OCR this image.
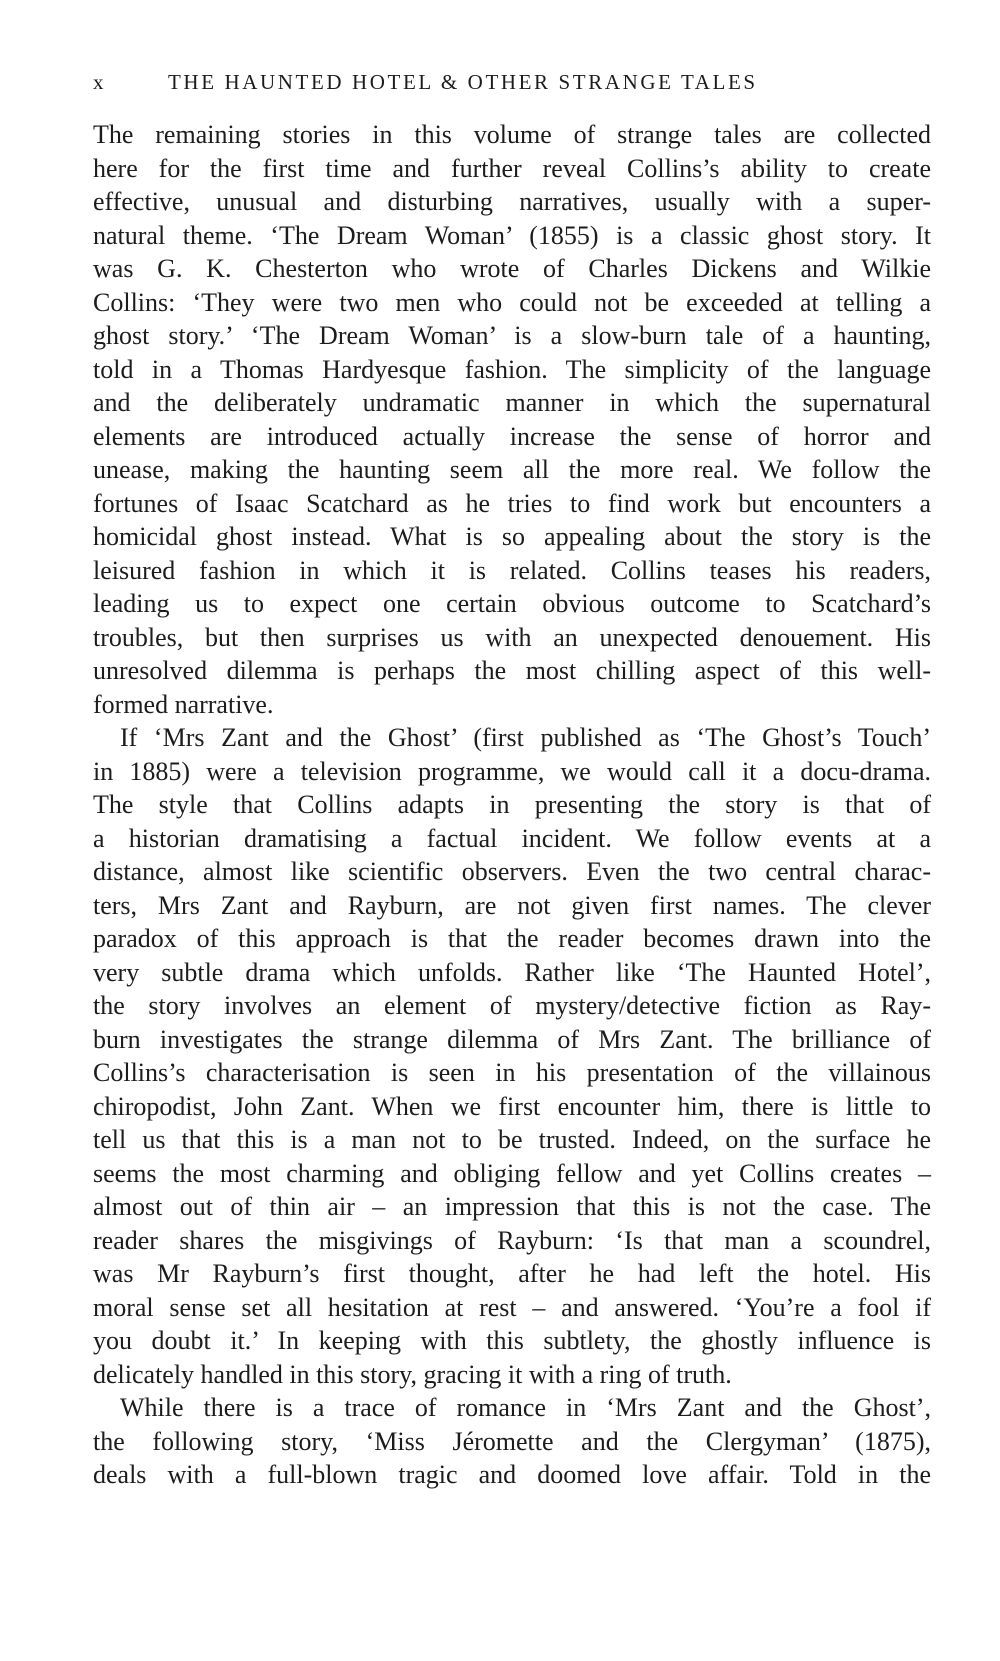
x	THE HAUNTED HOTEL & OTHER STRANGE TALES
The remaining stories in this volume of strange tales are collected
here for the first time and further reveal Collins’s ability to create
effective, unusual and disturbing narratives, usually with a super-
natural theme. ‘The Dream Woman’ (1855) is a classic ghost story. It
was G. K. Chesterton who wrote of Charles Dickens and Wilkie
Collins: ‘They were two men who could not be exceeded at telling a
ghost story.’ ‘The Dream Woman’ is a slow-burn tale of a haunting,
told in a Thomas Hardyesque fashion. The simplicity of the language
and the deliberately undramatic manner in which the supernatural
elements are introduced actually increase the sense of horror and
unease, making the haunting seem all the more real. We follow the
fortunes of Isaac Scatchard as he tries to find work but encounters a
homicidal ghost instead. What is so appealing about the story is the
leisured fashion in which it is related. Collins teases his readers,
leading us to expect one certain obvious outcome to Scatchard’s
troubles, but then surprises us with an unexpected denouement. His
unresolved dilemma is perhaps the most chilling aspect of this well-
formed narrative.
If ‘Mrs Zant and the Ghost’ (first published as ‘The Ghost’s Touch’
in 1885) were a television programme, we would call it a docu-drama.
The style that Collins adapts in presenting the story is that of
a historian dramatising a factual incident. We follow events at a
distance, almost like scientific observers. Even the two central charac-
ters, Mrs Zant and Rayburn, are not given first names. The clever
paradox of this approach is that the reader becomes drawn into the
very subtle drama which unfolds. Rather like ‘The Haunted Hotel’,
the story involves an element of mystery/detective fiction as Ray-
burn investigates the strange dilemma of Mrs Zant. The brilliance of
Collins’s characterisation is seen in his presentation of the villainous
chiropodist, John Zant. When we first encounter him, there is little to
tell us that this is a man not to be trusted. Indeed, on the surface he
seems the most charming and obliging fellow and yet Collins creates –
almost out of thin air – an impression that this is not the case. The
reader shares the misgivings of Rayburn: ‘Is that man a scoundrel,
was Mr Rayburn’s first thought, after he had left the hotel. His
moral sense set all hesitation at rest – and answered. ‘You’re a fool if
you doubt it.’ In keeping with this subtlety, the ghostly influence is
delicately handled in this story, gracing it with a ring of truth.
While there is a trace of romance in ‘Mrs Zant and the Ghost’,
the following story, ‘Miss Jéromette and the Clergyman’ (1875),
deals with a full-blown tragic and doomed love affair. Told in the
